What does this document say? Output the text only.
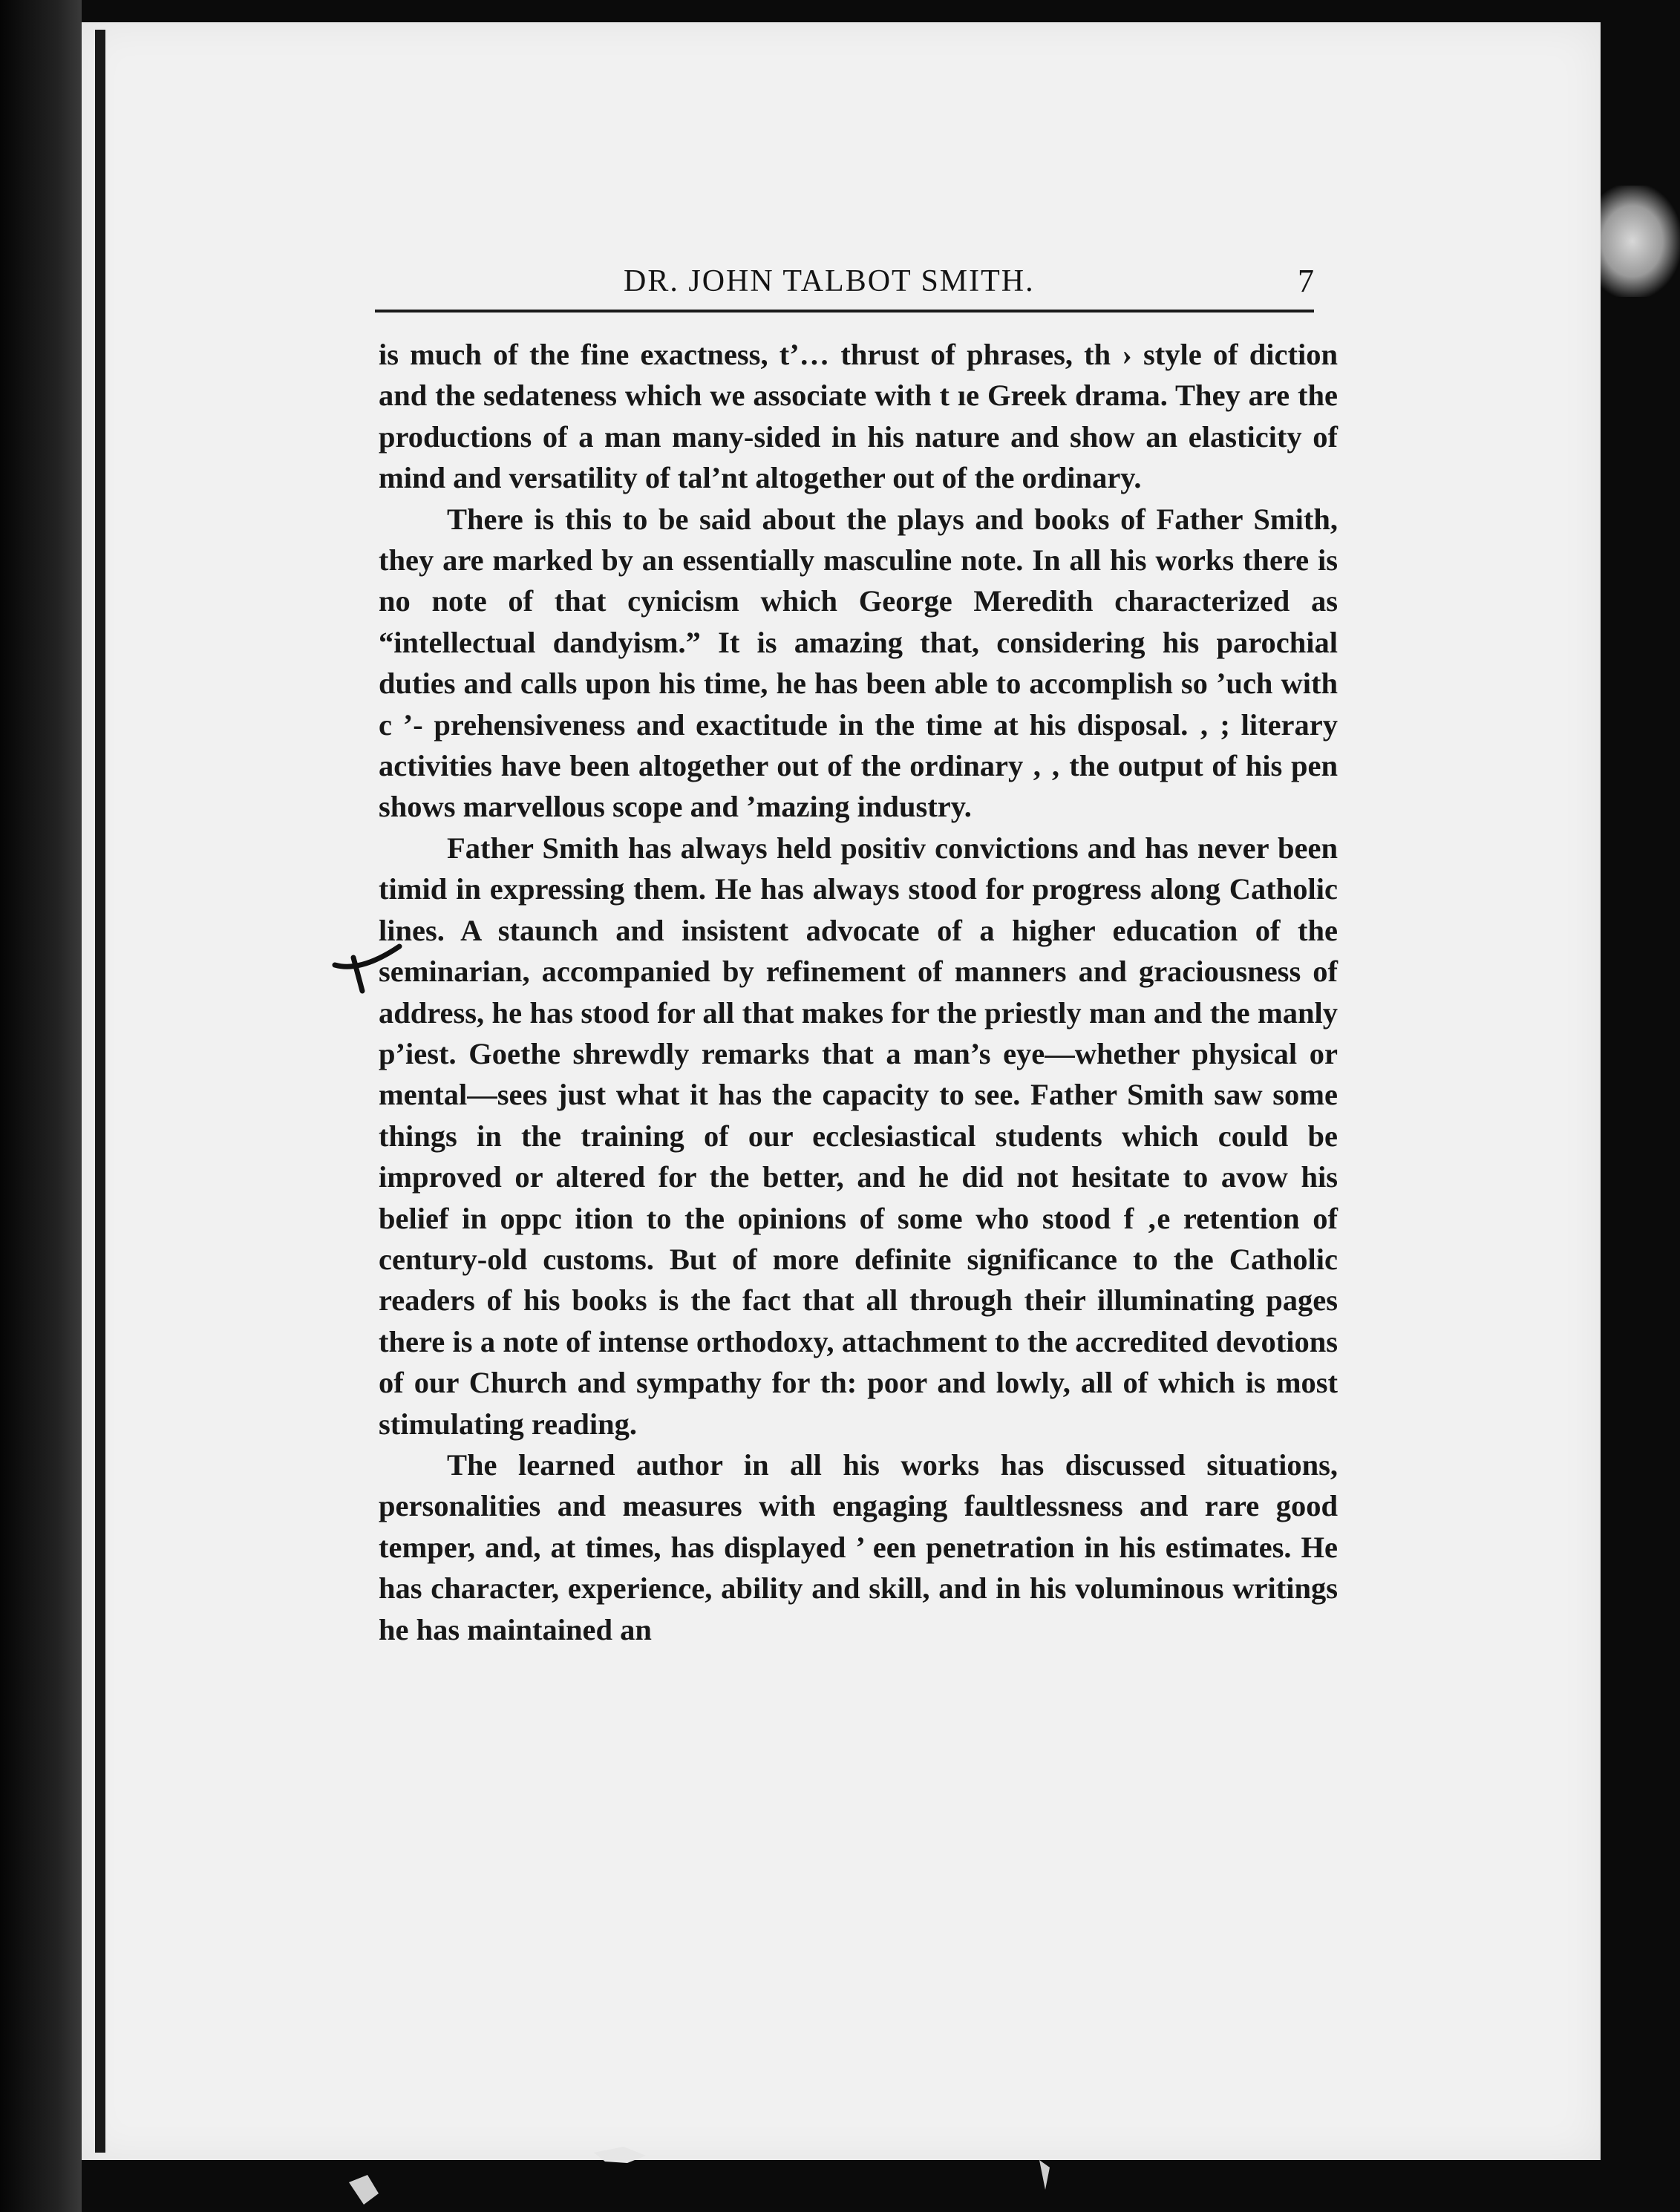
DR. JOHN TALBOT SMITH.	7

is much of the fine exactness, t’… thrust of phrases, th › style of diction and the sedateness which we associate with t ıe Greek drama. They are the productions of a man many-sided in his nature and show an elasticity of mind and versatility of tal’nt altogether out of the ordinary.

There is this to be said about the plays and books of Father Smith, they are marked by an essentially masculine note. In all his works there is no note of that cynicism which George Meredith characterized as “intellectual dandyism.” It is amazing that, considering his parochial duties and calls upon his time, he has been able to accomplish so ’uch with c ’- prehensiveness and exactitude in the time at his disposal. ‚ ; literary activities have been altogether out of the ordinary ‚ ‚ the output of his pen shows marvellous scope and ’mazing industry.

Father Smith has always held positiv convictions and has never been timid in expressing them. He has always stood for progress along Catholic lines. A staunch and insistent advocate of a higher education of the seminarian, accompanied by refinement of manners and graciousness of address, he has stood for all that makes for the priestly man and the manly p’iest. Goethe shrewdly remarks that a man’s eye—whether physical or mental—sees just what it has the capacity to see. Father Smith saw some things in the training of our ecclesiastical students which could be improved or altered for the better, and he did not hesitate to avow his belief in oppc ition to the opinions of some who stood f ‚e retention of century-old customs. But of more definite significance to the Catholic readers of his books is the fact that all through their illuminating pages there is a note of intense orthodoxy, attachment to the accredited devotions of our Church and sympathy for th: poor and lowly, all of which is most stimulating reading.

The learned author in all his works has discussed situations, personalities and measures with engaging faultlessness and rare good temper, and, at times, has displayed ’ een penetration in his estimates. He has character, experience, ability and skill, and in his voluminous writings he has maintained an
